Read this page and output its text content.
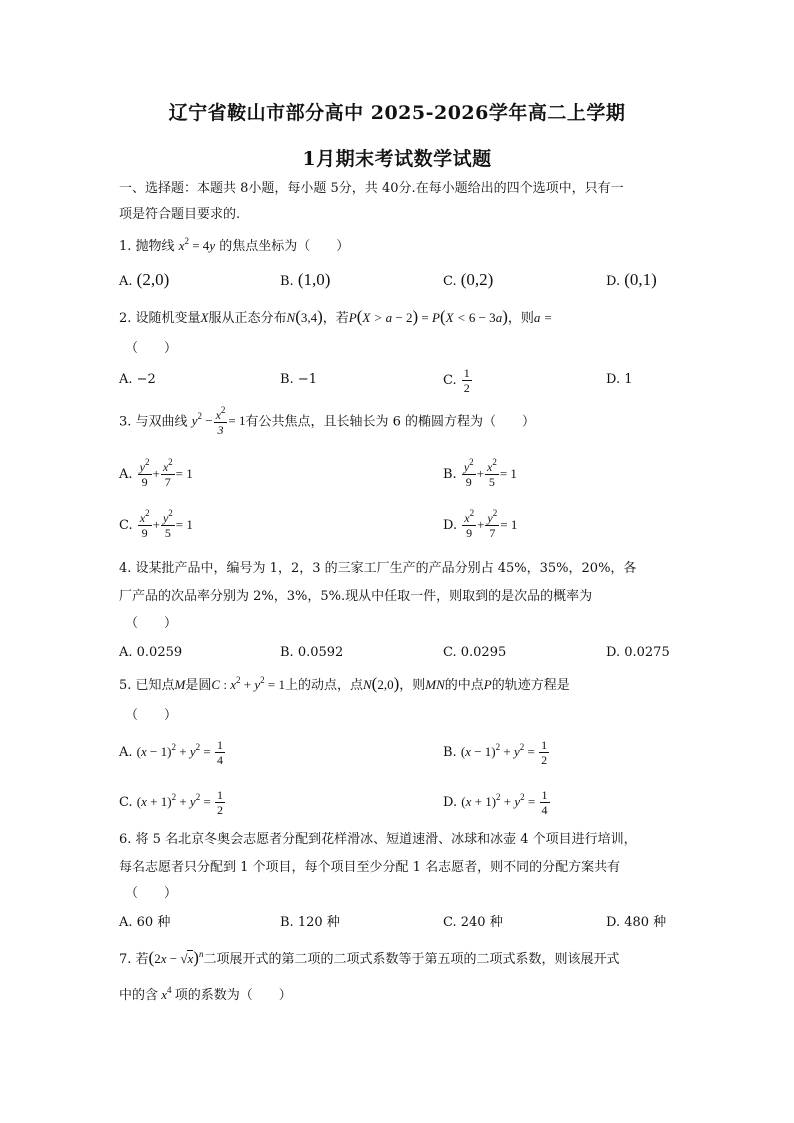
辽宁省鞍山市部分高中 2025-2026学年高二上学期
1月期末考试数学试题
一、选择题：本题共 8小题，每小题 5分，共 40分.在每小题给出的四个选项中，只有一
项是符合题目要求的.
1. 抛物线 $x^2 = 4y$ 的焦点坐标为（　　）
A. (2,0)	B. (1,0)	C. (0,2)	D. (0,1)
2. 设随机变量X服从正态分布N(3,4)，若P(X > a − 2) = P(X < 6 − 3a)，则a =
（　　）
A. −2	B. −1	C. $\frac{1}{2}$	D. 1
3. 与双曲线 $y^2 - \frac{x^2}{3} = 1$有公共焦点，且长轴长为 6 的椭圆方程为（　　）
A. $\frac{y^2}{9} + \frac{x^2}{7} = 1$	B. $\frac{y^2}{9} + \frac{x^2}{5} = 1$
C. $\frac{x^2}{9} + \frac{y^2}{5} = 1$	D. $\frac{x^2}{9} + \frac{y^2}{7} = 1$
4. 设某批产品中，编号为 1，2，3 的三家工厂生产的产品分别占 45%，35%，20%，各
厂产品的次品率分别为 2%，3%，5%.现从中任取一件，则取到的是次品的概率为
（　　）
A. 0.0259	B. 0.0592	C. 0.0295	D. 0.0275
5. 已知点M是圆C : $x^2 + y^2 = 1$上的动点，点N(2,0)，则MN的中点P的轨迹方程是
（　　）
A. $(x - 1)^2 + y^2 = \frac{1}{4}$	B. $(x - 1)^2 + y^2 = \frac{1}{2}$
C. $(x + 1)^2 + y^2 = \frac{1}{2}$	D. $(x + 1)^2 + y^2 = \frac{1}{4}$
6. 将 5 名北京冬奥会志愿者分配到花样滑冰、短道速滑、冰球和冰壶 4 个项目进行培训，
每名志愿者只分配到 1 个项目，每个项目至少分配 1 名志愿者，则不同的分配方案共有
（　　）
A. 60 种	B. 120 种	C. 240 种	D. 480 种
7. 若$(2x - √x)^n$二项展开式的第二项的二项式系数等于第五项的二项式系数，则该展开式
中的含 $x^4$ 项的系数为（　　）
